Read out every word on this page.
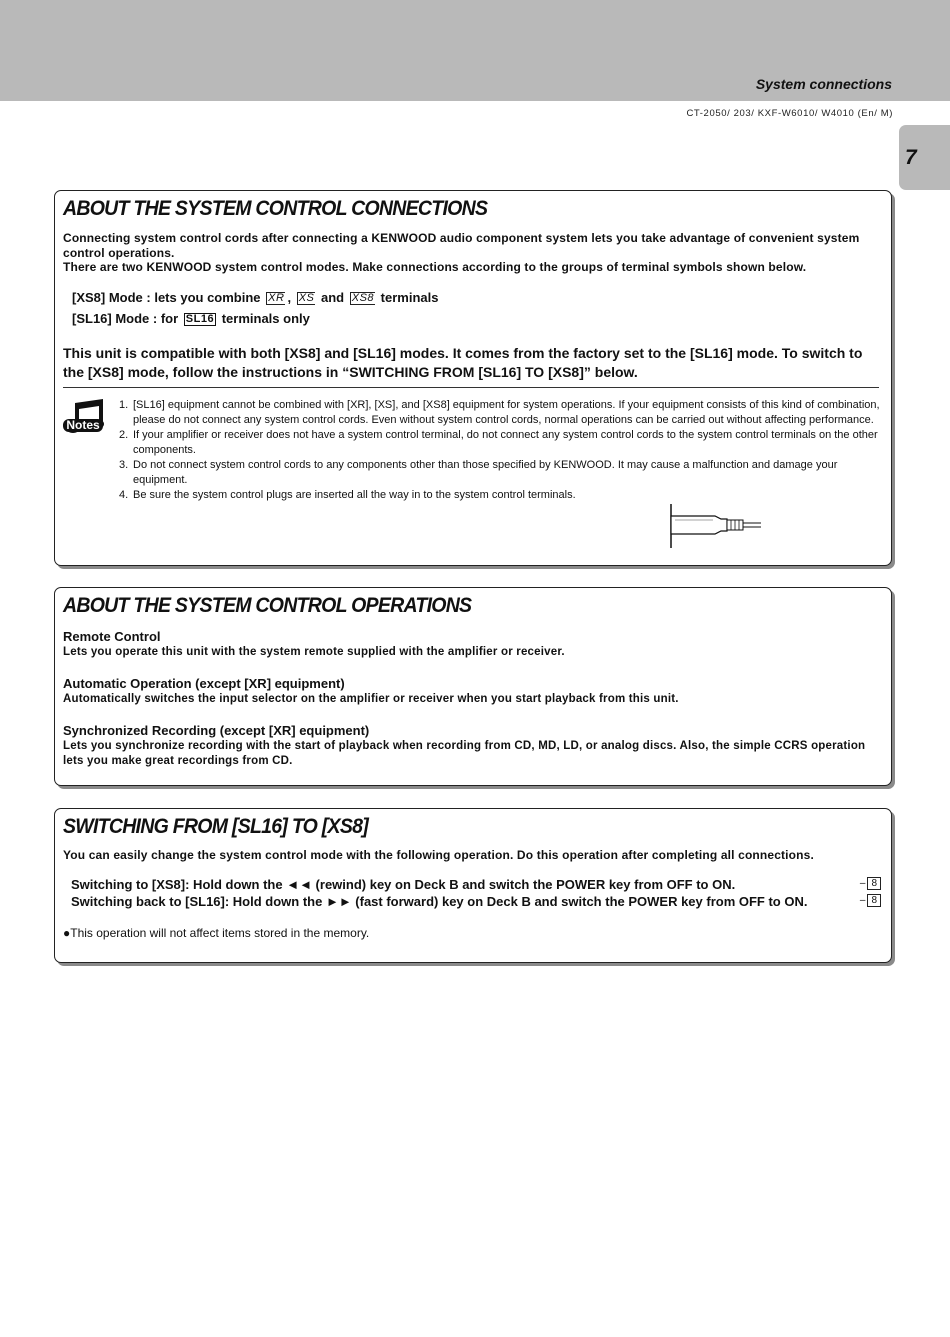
System connections
CT-2050/ 203/ KXF-W6010/ W4010 (En/ M)
7
ABOUT THE SYSTEM CONTROL CONNECTIONS
Connecting system control cords after connecting a KENWOOD audio component system lets you take advantage of convenient system control operations.
There are two KENWOOD system control modes. Make connections according to the groups of terminal symbols shown below.
[XS8] Mode : lets you combine XR , XS and XS8 terminals
[SL16] Mode : for SL16 terminals only
This unit is compatible with both [XS8] and [SL16] modes. It comes from the factory set to the [SL16] mode. To switch to the [XS8] mode, follow the instructions in “SWITCHING FROM [SL16] TO [XS8]” below.
Notes
1. [SL16] equipment cannot be combined with [XR], [XS], and [XS8] equipment for system operations. If your equipment consists of this kind of combination, please do not connect any system control cords. Even without system control cords, normal operations can be carried out without affecting performance.
2. If your amplifier or receiver does not have a system control terminal, do not connect any system control cords to the system control terminals on the other components.
3. Do not connect system control cords to any components other than those specified by KENWOOD. It may cause a malfunction and damage your equipment.
4. Be sure the system control plugs are inserted all the way in to the system control terminals.
ABOUT THE SYSTEM CONTROL OPERATIONS
Remote Control
Lets you operate this unit with the system remote supplied with the amplifier or receiver.
Automatic Operation (except [XR] equipment)
Automatically switches the input selector on the amplifier or receiver when you start playback from this unit.
Synchronized Recording (except [XR] equipment)
Lets you synchronize recording with the start of playback when recording from CD, MD, LD, or analog discs. Also, the simple CCRS operation lets you make great recordings from CD.
SWITCHING FROM [SL16] TO [XS8]
You can easily change the system control mode with the following operation. Do this operation after completing all connections.
Switching to [XS8]: Hold down the ◄◄ (rewind) key on Deck B and switch the POWER key from OFF to ON.	– 8
Switching back to [SL16]: Hold down the ►► (fast forward) key on Deck B and switch the POWER key from OFF to ON.	– 8
●This operation will not affect items stored in the memory.
